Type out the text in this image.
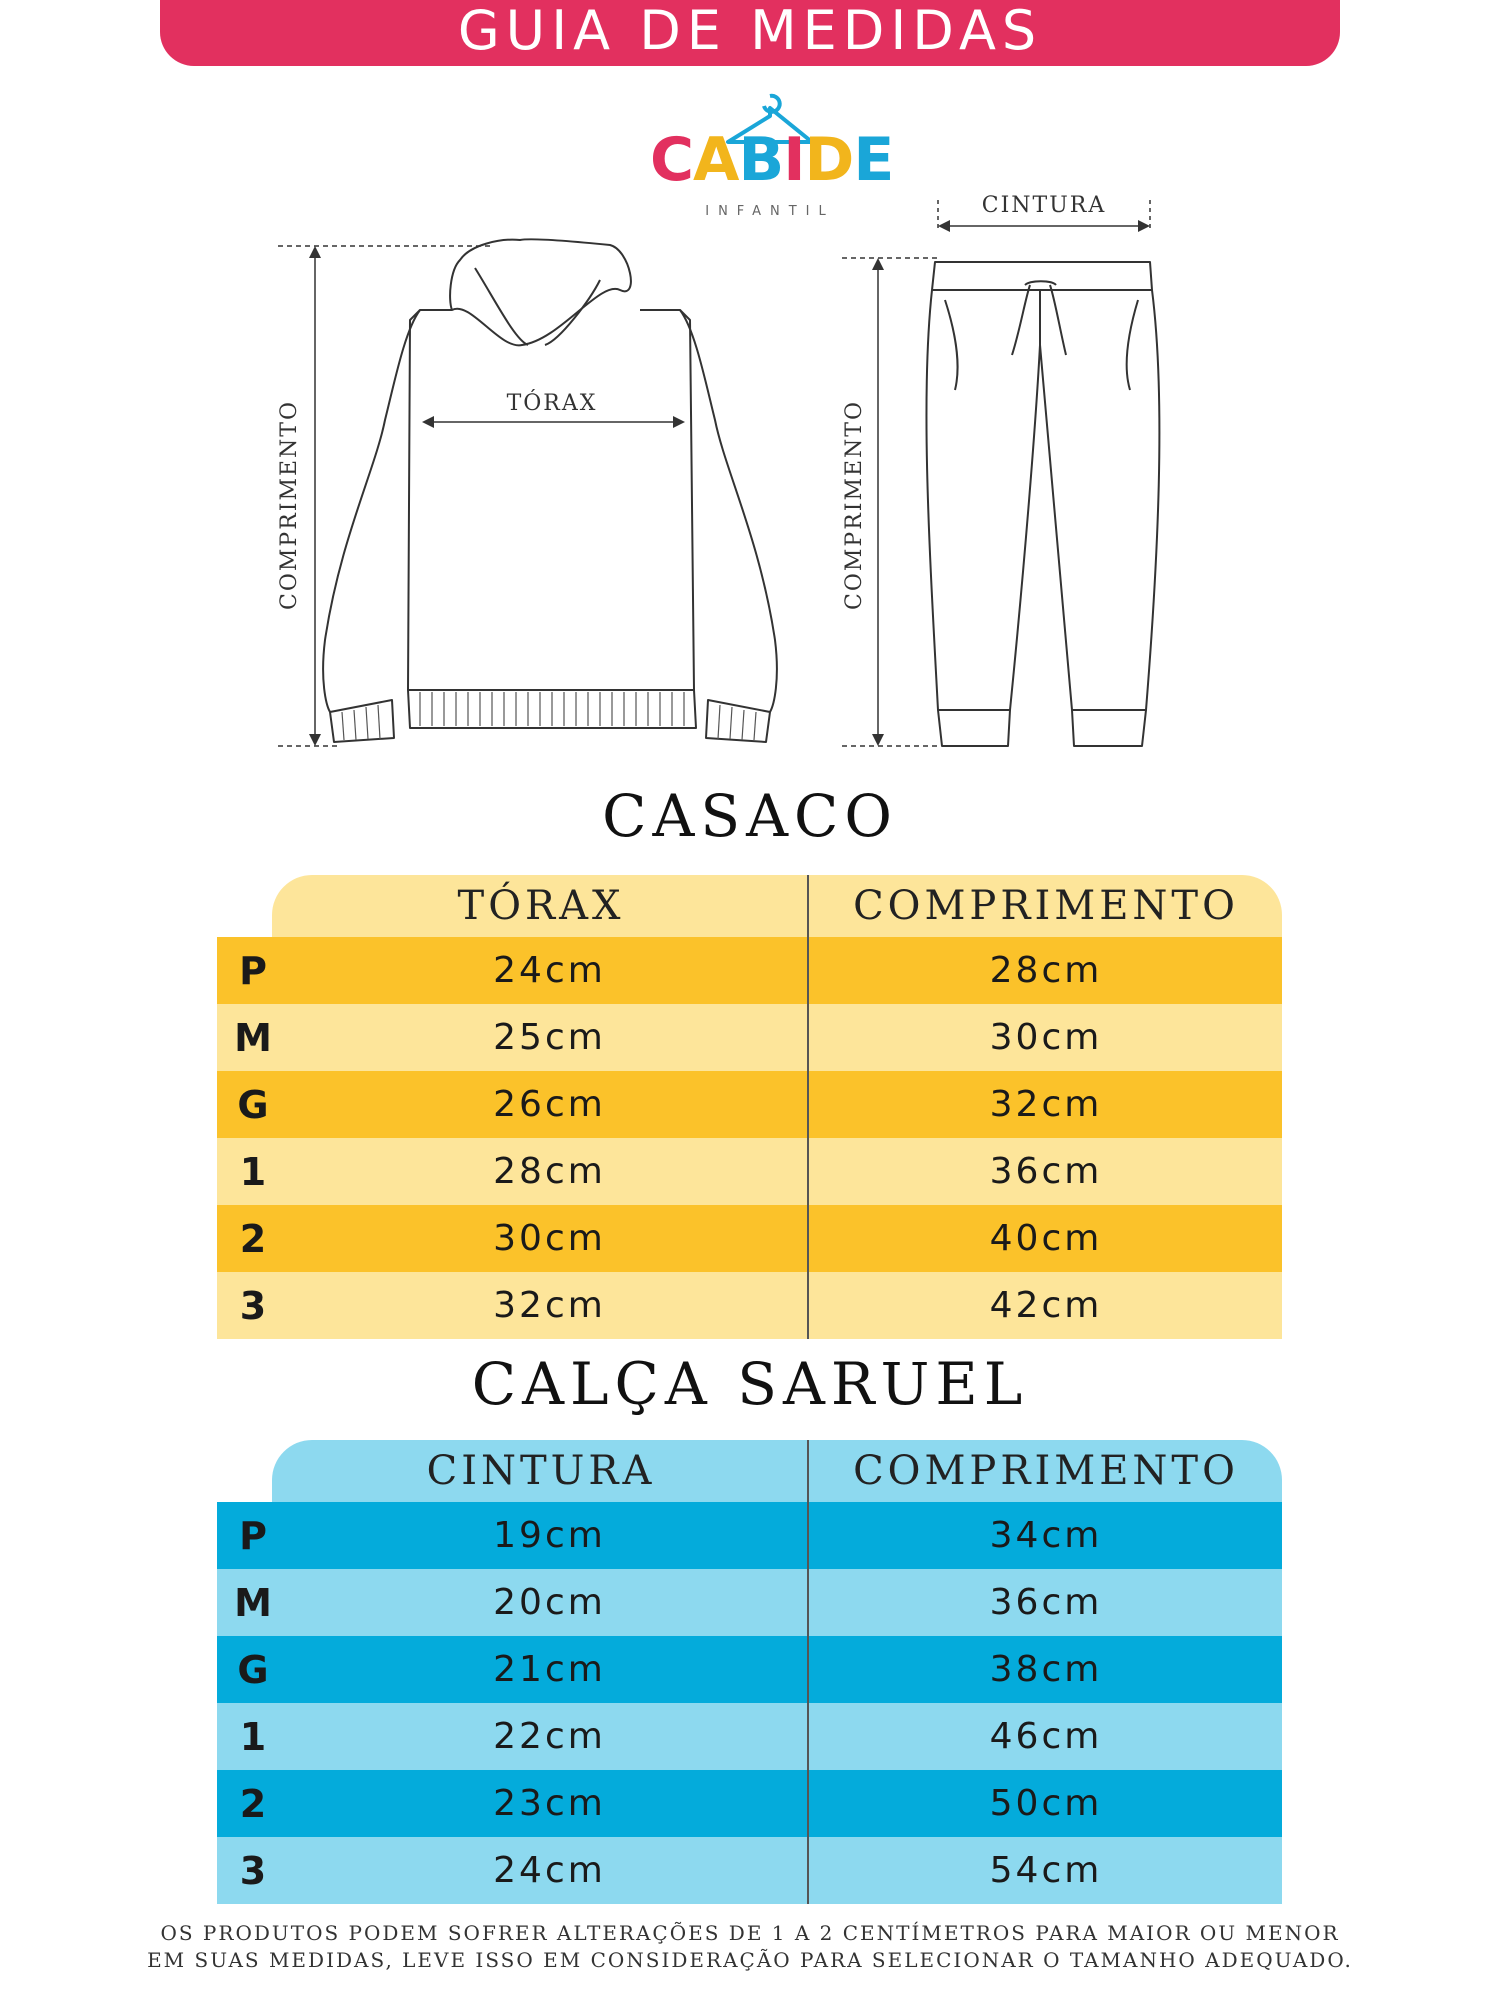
GUIA DE MEDIDAS
CABIDE
INFANTIL
COMPRIMENTO	TÓRAX
CINTURA
COMPRIMENTO
CASACO
TÓRAX	COMPRIMENTO
P	24cm	28cm
M	25cm	30cm
G	26cm	32cm
1	28cm	36cm
2	30cm	40cm
3	32cm	42cm
CALÇA SARUEL
CINTURA	COMPRIMENTO
P	19cm	34cm
M	20cm	36cm
G	21cm	38cm
1	22cm	46cm
2	23cm	50cm
3	24cm	54cm
OS PRODUTOS PODEM SOFRER ALTERAÇÕES DE 1 A 2 CENTÍMETROS PARA MAIOR OU MENOR
EM SUAS MEDIDAS, LEVE ISSO EM CONSIDERAÇÃO PARA SELECIONAR O TAMANHO ADEQUADO.
